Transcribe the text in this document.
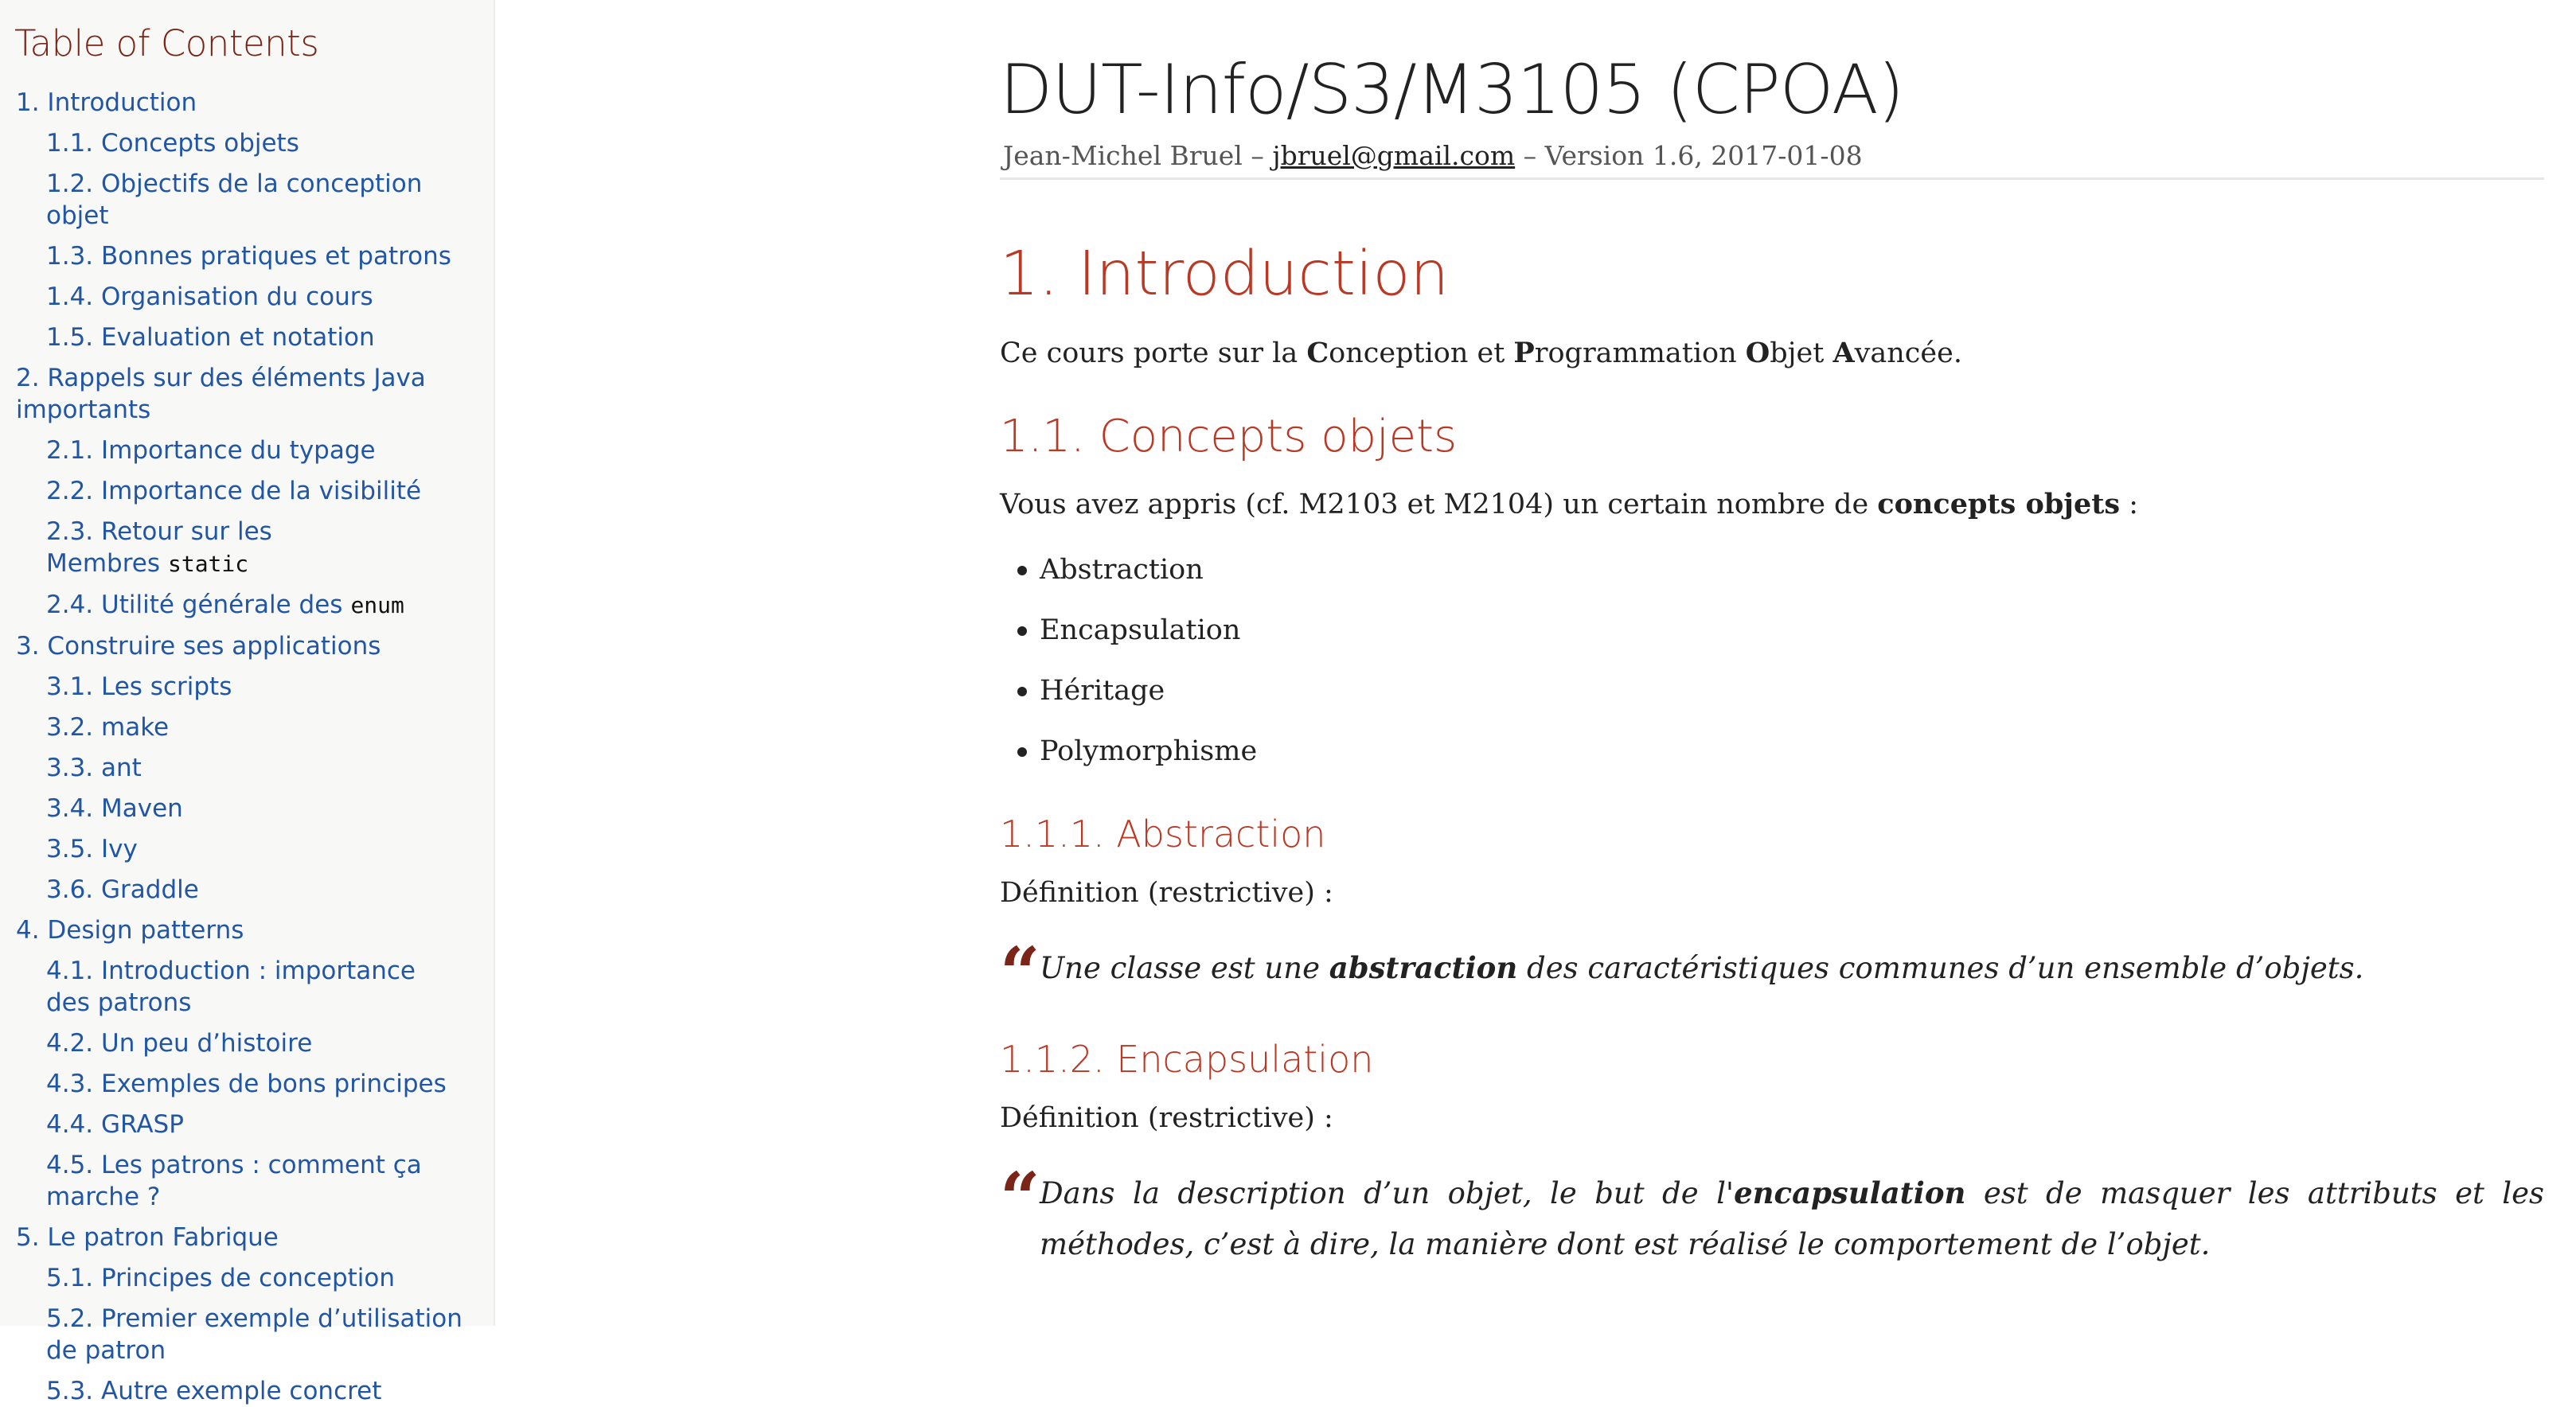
Table of Contents
1. Introduction
1.1. Concepts objets
1.2. Objectifs de la conception objet
1.3. Bonnes pratiques et patrons
1.4. Organisation du cours
1.5. Evaluation et notation
2. Rappels sur des éléments Java importants
2.1. Importance du typage
2.2. Importance de la visibilité
2.3. Retour sur les Membres static
2.4. Utilité générale des enum
3. Construire ses applications
3.1. Les scripts
3.2. make
3.3. ant
3.4. Maven
3.5. Ivy
3.6. Graddle
4. Design patterns
4.1. Introduction : importance des patrons
4.2. Un peu d’histoire
4.3. Exemples de bons principes
4.4. GRASP
4.5. Les patrons : comment ça marche ?
5. Le patron Fabrique
5.1. Principes de conception
5.2. Premier exemple d’utilisation de patron
5.3. Autre exemple concret
DUT-Info/S3/M3105 (CPOA)
Jean-Michel Bruel – jbruel@gmail.com – Version 1.6, 2017-01-08
1. Introduction

Ce cours porte sur la Conception et Programmation Objet Avancée.

1.1. Concepts objets

Vous avez appris (cf. M2103 et M2104) un certain nombre de concepts objets :

Abstraction
Encapsulation
Héritage
Polymorphisme
1.1.1. Abstraction

Définition (restrictive) :

“ Une classe est une abstraction des caractéristiques communes d’un ensemble d’objets.
1.1.2. Encapsulation

Définition (restrictive) :

“ Dans la description d’un objet, le but de l'encapsulation est de masquer les attributs et les méthodes, c’est à dire, la manière dont est réalisé le comportement de l’objet.
